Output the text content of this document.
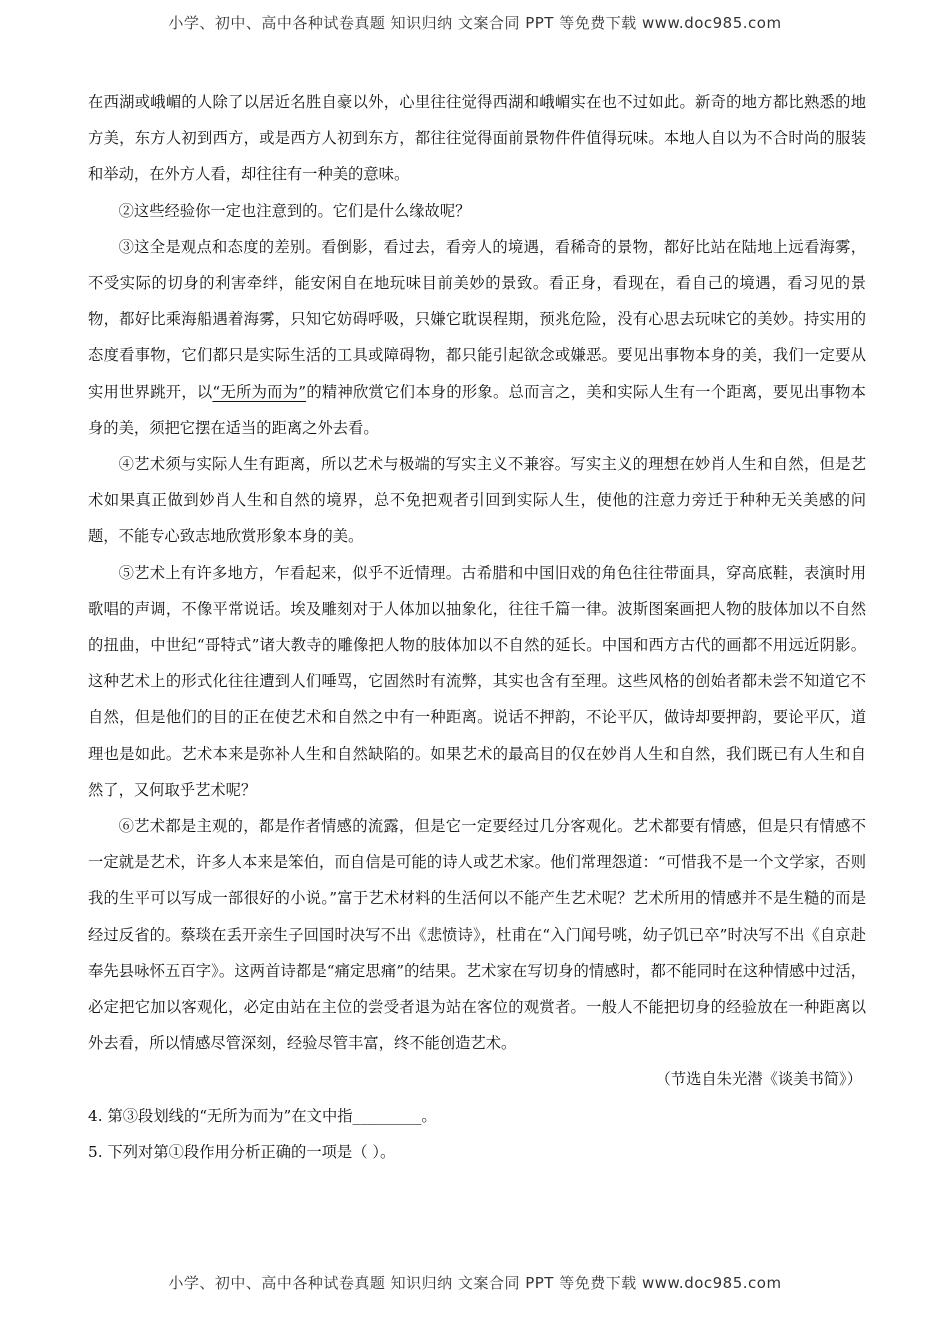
小学、初中、高中各种试卷真题 知识归纳 文案合同 PPT 等免费下载 www.doc985.com

在西湖或峨嵋的人除了以居近名胜自豪以外，心里往往觉得西湖和峨嵋实在也不过如此。新奇的地方都比熟悉的地方美，东方人初到西方，或是西方人初到东方，都往往觉得面前景物件件值得玩味。本地人自以为不合时尚的服装和举动，在外方人看，却往往有一种美的意味。

②这些经验你一定也注意到的。它们是什么缘故呢？

③这全是观点和态度的差别。看倒影，看过去，看旁人的境遇，看稀奇的景物，都好比站在陆地上远看海雾，不受实际的切身的利害牵绊，能安闲自在地玩味目前美妙的景致。看正身，看现在，看自己的境遇，看习见的景物，都好比乘海船遇着海雾，只知它妨碍呼吸，只嫌它耽误程期，预兆危险，没有心思去玩味它的美妙。持实用的态度看事物，它们都只是实际生活的工具或障碍物，都只能引起欲念或嫌恶。要见出事物本身的美，我们一定要从实用世界跳开，以“无所为而为”的精神欣赏它们本身的形象。总而言之，美和实际人生有一个距离，要见出事物本身的美，须把它摆在适当的距离之外去看。

④艺术须与实际人生有距离，所以艺术与极端的写实主义不兼容。写实主义的理想在妙肖人生和自然，但是艺术如果真正做到妙肖人生和自然的境界，总不免把观者引回到实际人生，使他的注意力旁迁于种种无关美感的问题，不能专心致志地欣赏形象本身的美。

⑤艺术上有许多地方，乍看起来，似乎不近情理。古希腊和中国旧戏的角色往往带面具，穿高底鞋，表演时用歌唱的声调，不像平常说话。埃及雕刻对于人体加以抽象化，往往千篇一律。波斯图案画把人物的肢体加以不自然的扭曲，中世纪“哥特式”诸大教寺的雕像把人物的肢体加以不自然的延长。中国和西方古代的画都不用远近阴影。这种艺术上的形式化往往遭到人们唾骂，它固然时有流弊，其实也含有至理。这些风格的创始者都未尝不知道它不自然，但是他们的目的正在使艺术和自然之中有一种距离。说话不押韵，不论平仄，做诗却要押韵，要论平仄，道理也是如此。艺术本来是弥补人生和自然缺陷的。如果艺术的最高目的仅在妙肖人生和自然，我们既已有人生和自然了，又何取乎艺术呢？

⑥艺术都是主观的，都是作者情感的流露，但是它一定要经过几分客观化。艺术都要有情感，但是只有情感不一定就是艺术，许多人本来是笨伯，而自信是可能的诗人或艺术家。他们常理怨道：“可惜我不是一个文学家，否则我的生平可以写成一部很好的小说。”富于艺术材料的生活何以不能产生艺术呢？艺术所用的情感并不是生糙的而是经过反省的。蔡琰在丢开亲生子回国时决写不出《悲愤诗》，杜甫在“入门闻号咷，幼子饥已卒”时决写不出《自京赴奉先县咏怀五百字》。这两首诗都是“痛定思痛”的结果。艺术家在写切身的情感时，都不能同时在这种情感中过活，必定把它加以客观化，必定由站在主位的尝受者退为站在客位的观赏者。一般人不能把切身的经验放在一种距离以外去看，所以情感尽管深刻，经验尽管丰富，终不能创造艺术。

（节选自朱光潜《谈美书简》）

4. 第③段划线的“无所为而为”在文中指_________。

5. 下列对第①段作用分析正确的一项是（ ）。

小学、初中、高中各种试卷真题 知识归纳 文案合同 PPT 等免费下载 www.doc985.com
